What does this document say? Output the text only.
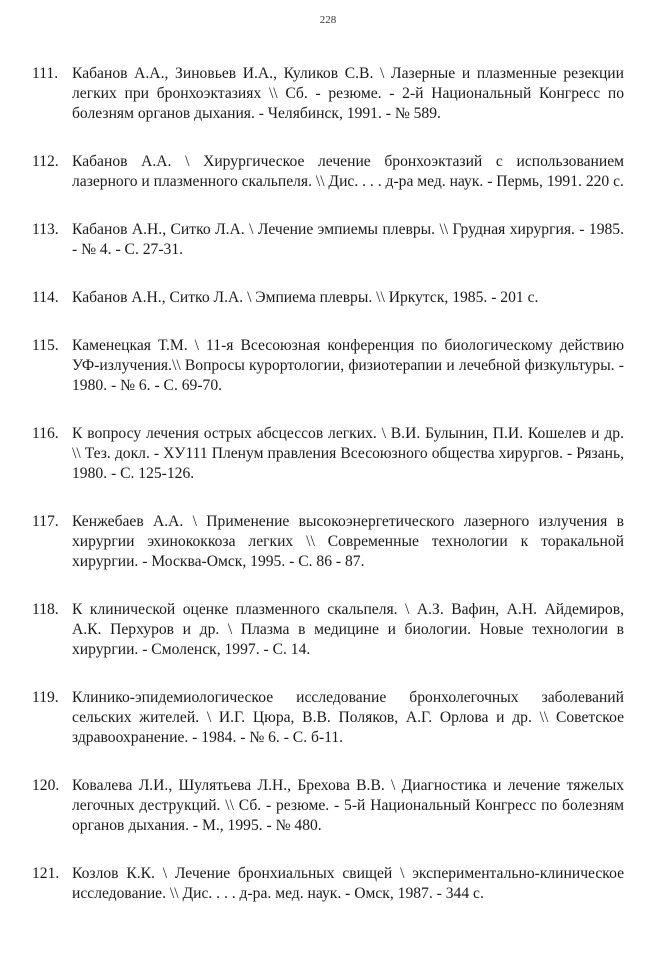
228
111. Кабанов А.А., Зиновьев И.А., Куликов С.В. \ Лазерные и плазменные резекции легких при бронхоэктазиях \\ Сб. - резюме. - 2-й Национальный Конгресс по болезням органов дыхания. - Челябинск, 1991. - № 589.
112. Кабанов А.А. \ Хирургическое лечение бронхоэктазий с использованием лазерного и плазменного скальпеля. \\ Дис. . . . д-ра мед. наук. - Пермь, 1991. 220 с.
113. Кабанов А.Н., Ситко Л.А. \ Лечение эмпиемы плевры. \\ Грудная хирургия. - 1985. - № 4. - С. 27-31.
114. Кабанов А.Н., Ситко Л.А. \ Эмпиема плевры. \\ Иркутск, 1985. - 201 с.
115. Каменецкая Т.М. \ 11-я Всесоюзная конференция по биологическому действию УФ-излучения.\\ Вопросы курортологии, физиотерапии и лечебной физкультуры. - 1980. - № 6. - С. 69-70.
116. К вопросу лечения острых абсцессов легких. \ В.И. Булынин, П.И. Кошелев и др. \\ Тез. докл. - ХУ111 Пленум правления Всесоюзного общества хирургов. - Рязань, 1980. - С. 125-126.
117. Кенжебаев А.А. \ Применение высокоэнергетического лазерного излучения в хирургии эхинококкоза легких \\ Современные технологии к торакальной хирургии. - Москва-Омск, 1995. - С. 86 - 87.
118. К клинической оценке плазменного скальпеля. \ А.З. Вафин, А.Н. Айдемиров, А.К. Перхуров и др. \ Плазма в медицине и биологии. Новые технологии в хирургии. - Смоленск, 1997. - С. 14.
119. Клинико-эпидемиологическое исследование бронхолегочных заболеваний сельских жителей. \ И.Г. Цюра, В.В. Поляков, А.Г. Орлова и др. \\ Советское здравоохранение. - 1984. - № 6. - С. б-11.
120. Ковалева Л.И., Шулятьева Л.Н., Брехова В.В. \ Диагностика и лечение тяжелых легочных деструкций. \\ Сб. - резюме. - 5-й Национальный Конгресс по болезням органов дыхания. - М., 1995. - № 480.
121. Козлов К.К. \ Лечение бронхиальных свищей \ экспериментально-клиническое исследование. \\ Дис. . . . д-ра. мед. наук. - Омск, 1987. - 344 с.
